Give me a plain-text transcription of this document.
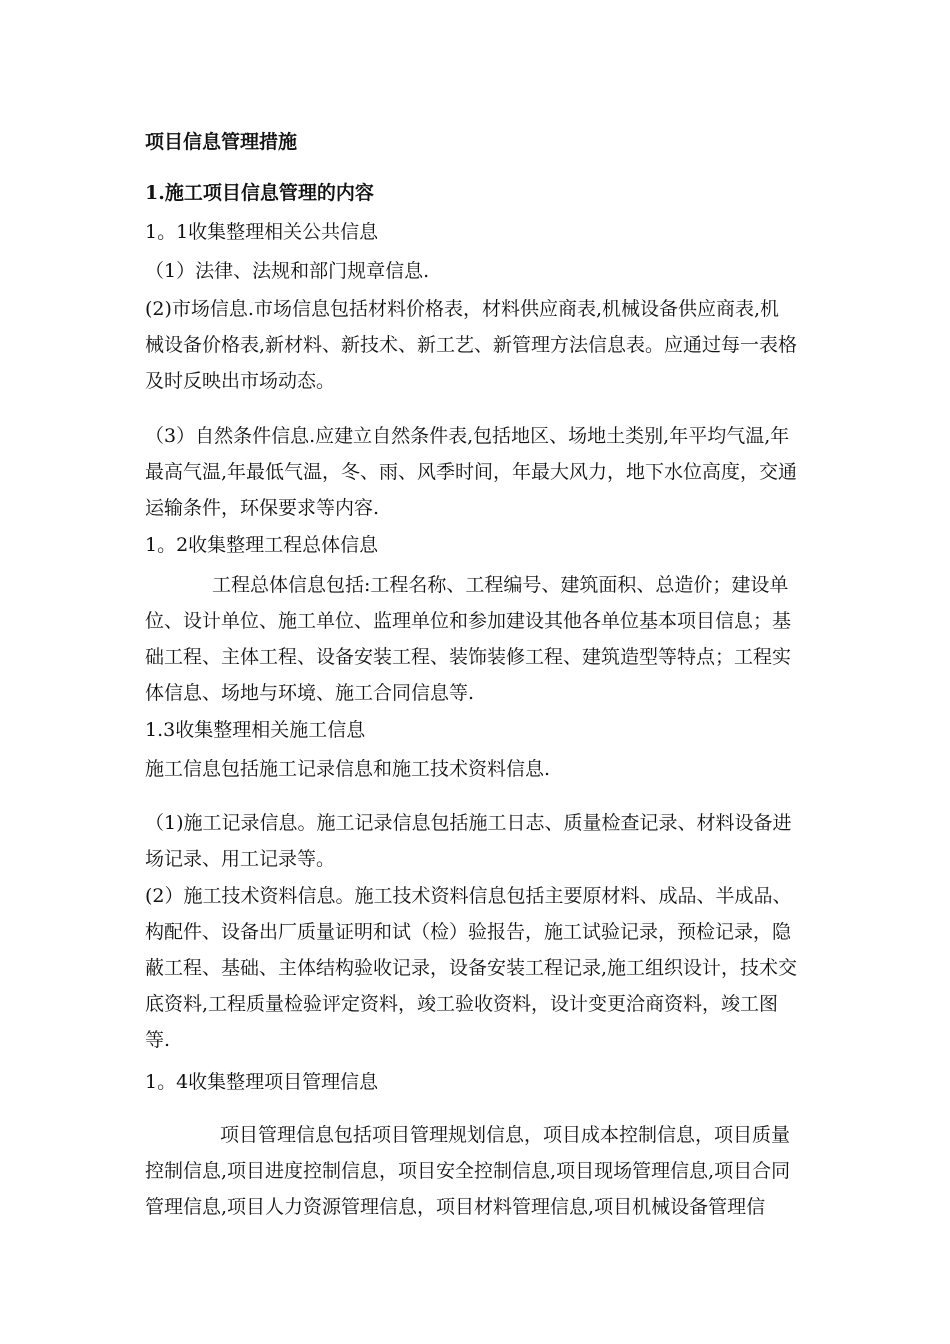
项目信息管理措施
1.施工项目信息管理的内容
1。1收集整理相关公共信息
（1）法律、法规和部门规章信息.
(2)市场信息.市场信息包括材料价格表，材料供应商表,机械设备供应商表,机
械设备价格表,新材料、新技术、新工艺、新管理方法信息表。应通过每一表格
及时反映出市场动态。
（3）自然条件信息.应建立自然条件表,包括地区、场地土类别,年平均气温,年
最高气温,年最低气温，冬、雨、风季时间，年最大风力，地下水位高度，交通
运输条件，环保要求等内容.
1。2收集整理工程总体信息
工程总体信息包括:工程名称、工程编号、建筑面积、总造价；建设单
位、设计单位、施工单位、监理单位和参加建设其他各单位基本项目信息；基
础工程、主体工程、设备安装工程、装饰装修工程、建筑造型等特点；工程实
体信息、场地与环境、施工合同信息等.
1.3收集整理相关施工信息
施工信息包括施工记录信息和施工技术资料信息.
（1)施工记录信息。施工记录信息包括施工日志、质量检查记录、材料设备进
场记录、用工记录等。
(2）施工技术资料信息。施工技术资料信息包括主要原材料、成品、半成品、
构配件、设备出厂质量证明和试（检）验报告，施工试验记录，预检记录，隐
蔽工程、基础、主体结构验收记录，设备安装工程记录,施工组织设计，技术交
底资料,工程质量检验评定资料，竣工验收资料，设计变更洽商资料，竣工图
等.
1。4收集整理项目管理信息
项目管理信息包括项目管理规划信息，项目成本控制信息，项目质量
控制信息,项目进度控制信息，项目安全控制信息,项目现场管理信息,项目合同
管理信息,项目人力资源管理信息，项目材料管理信息,项目机械设备管理信
